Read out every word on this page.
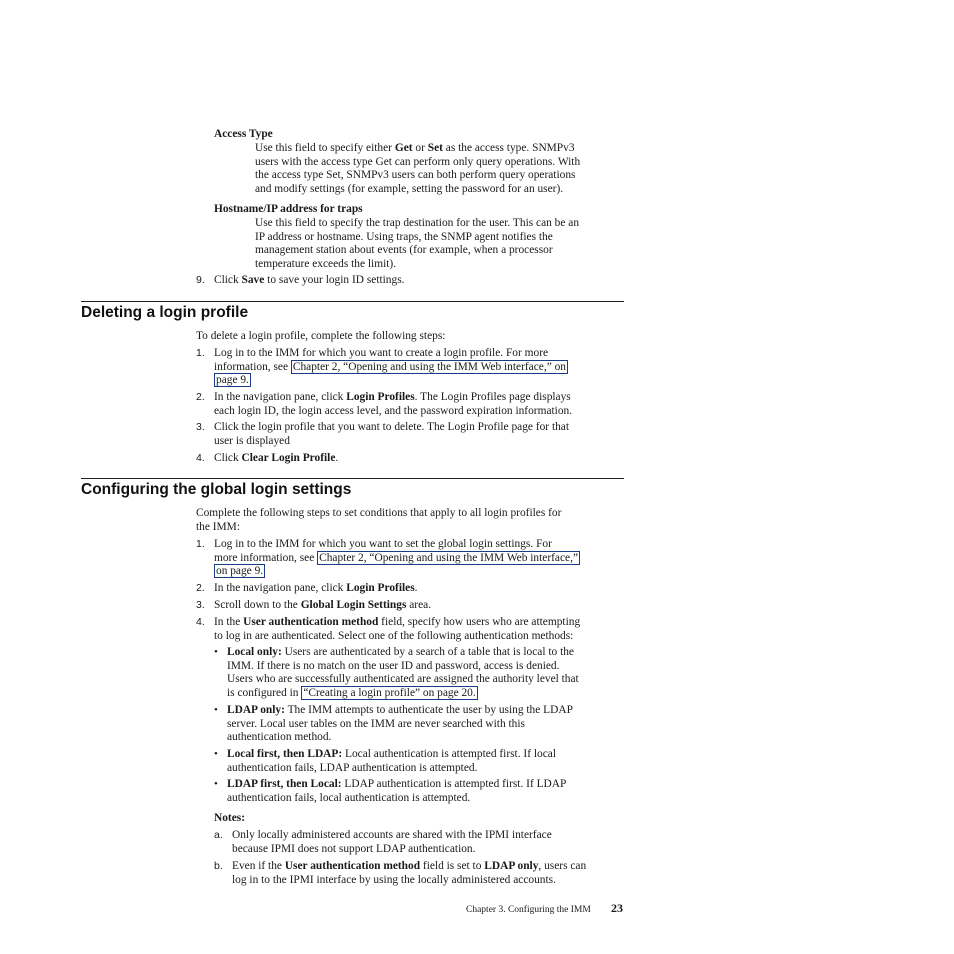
Access Type
Use this field to specify either Get or Set as the access type. SNMPv3
users with the access type Get can perform only query operations. With
the access type Set, SNMPv3 users can both perform query operations
and modify settings (for example, setting the password for an user).
Hostname/IP address for traps
Use this field to specify the trap destination for the user. This can be an
IP address or hostname. Using traps, the SNMP agent notifies the
management station about events (for example, when a processor
temperature exceeds the limit).
9. Click Save to save your login ID settings.
Deleting a login profile
To delete a login profile, complete the following steps:
1. Log in to the IMM for which you want to create a login profile. For more
information, see Chapter 2, “Opening and using the IMM Web interface,” on
page 9.
2. In the navigation pane, click Login Profiles. The Login Profiles page displays
each login ID, the login access level, and the password expiration information.
3. Click the login profile that you want to delete. The Login Profile page for that
user is displayed
4. Click Clear Login Profile.
Configuring the global login settings
Complete the following steps to set conditions that apply to all login profiles for
the IMM:
1. Log in to the IMM for which you want to set the global login settings. For
more information, see Chapter 2, “Opening and using the IMM Web interface,”
on page 9.
2. In the navigation pane, click Login Profiles.
3. Scroll down to the Global Login Settings area.
4. In the User authentication method field, specify how users who are attempting
to log in are authenticated. Select one of the following authentication methods:
• Local only: Users are authenticated by a search of a table that is local to the
IMM. If there is no match on the user ID and password, access is denied.
Users who are successfully authenticated are assigned the authority level that
is configured in “Creating a login profile” on page 20.
• LDAP only: The IMM attempts to authenticate the user by using the LDAP
server. Local user tables on the IMM are never searched with this
authentication method.
• Local first, then LDAP: Local authentication is attempted first. If local
authentication fails, LDAP authentication is attempted.
• LDAP first, then Local: LDAP authentication is attempted first. If LDAP
authentication fails, local authentication is attempted.
Notes:
a. Only locally administered accounts are shared with the IPMI interface
because IPMI does not support LDAP authentication.
b. Even if the User authentication method field is set to LDAP only, users can
log in to the IPMI interface by using the locally administered accounts.
Chapter 3. Configuring the IMM 23
